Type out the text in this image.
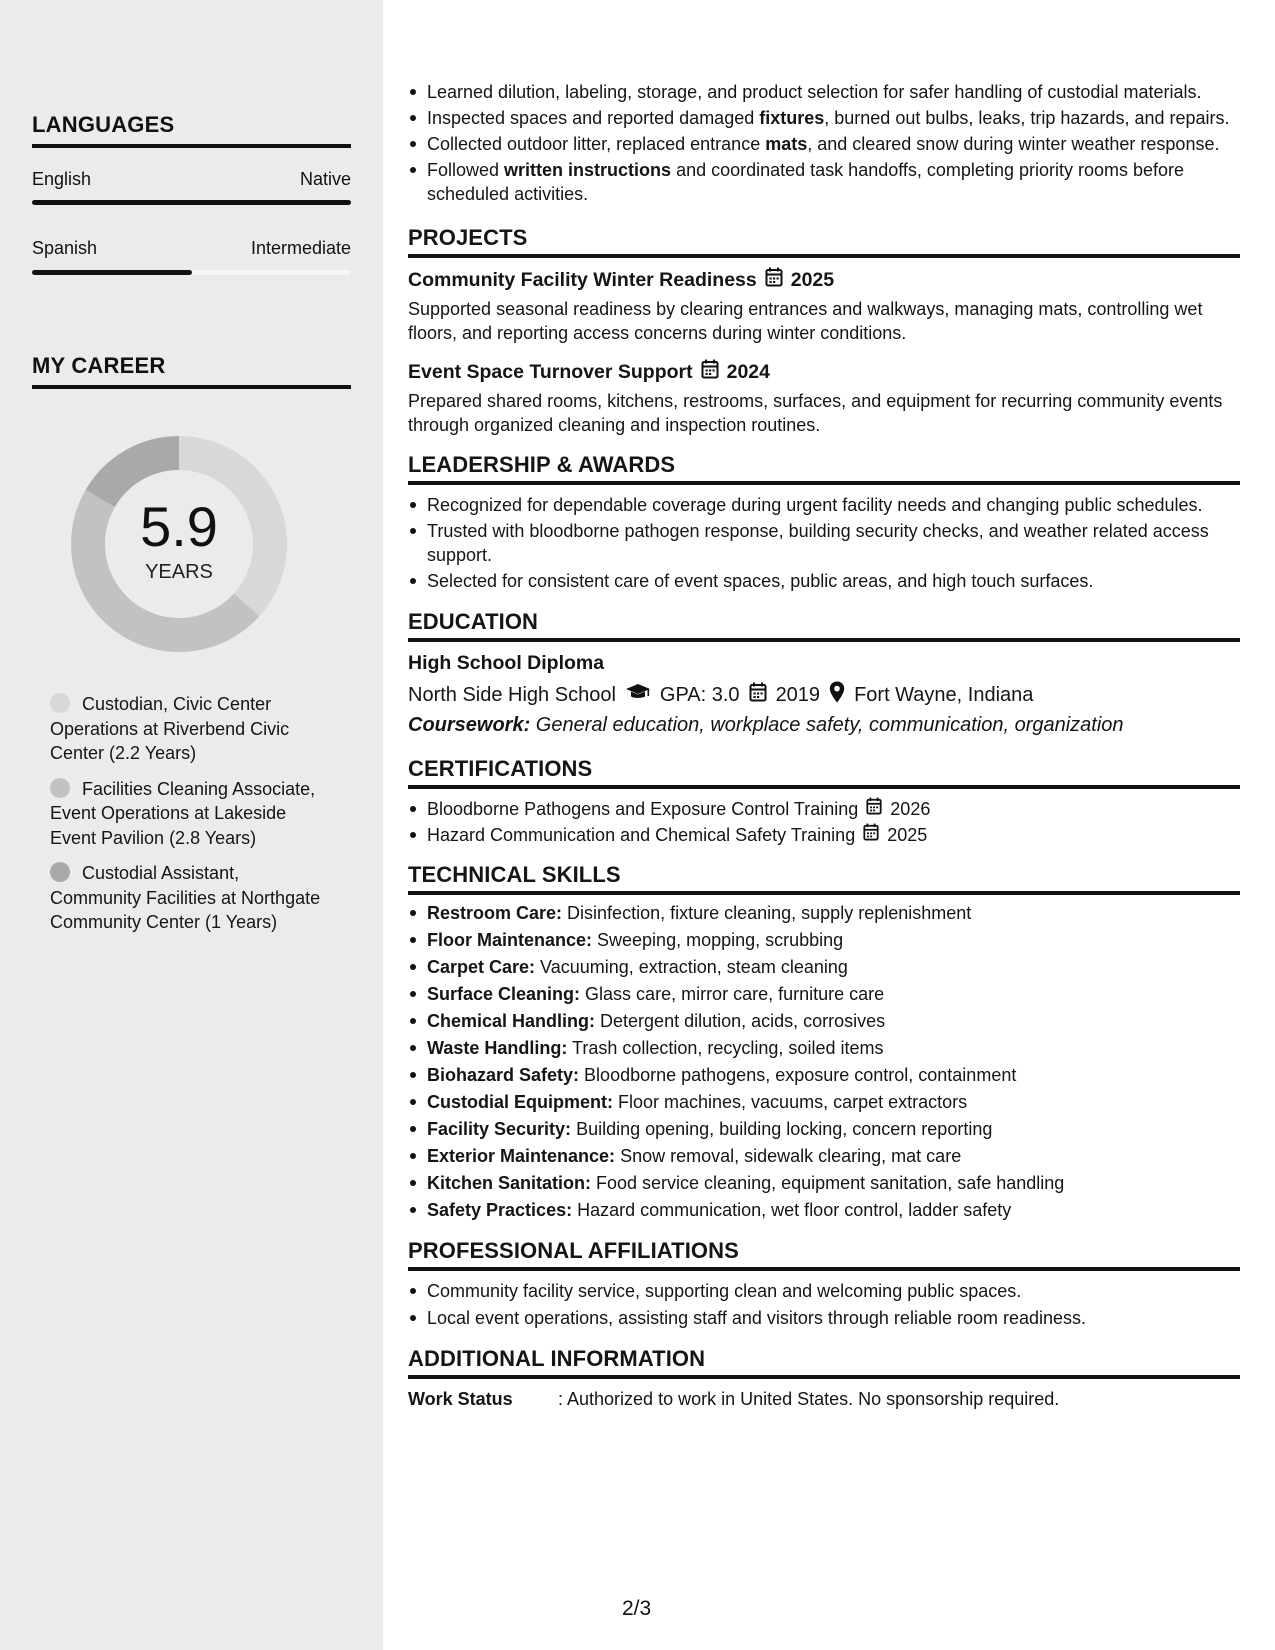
LANGUAGES
English	Native
Spanish	Intermediate
MY CAREER
5.9
YEARS
Custodian, Civic Center Operations at Riverbend Civic Center (2.2 Years)
Facilities Cleaning Associate, Event Operations at Lakeside Event Pavilion (2.8 Years)
Custodial Assistant, Community Facilities at Northgate Community Center (1 Years)
Learned dilution, labeling, storage, and product selection for safer handling of custodial materials.
Inspected spaces and reported damaged fixtures, burned out bulbs, leaks, trip hazards, and repairs.
Collected outdoor litter, replaced entrance mats, and cleared snow during winter weather response.
Followed written instructions and coordinated task handoffs, completing priority rooms before scheduled activities.
PROJECTS
Community Facility Winter Readiness 2025
Supported seasonal readiness by clearing entrances and walkways, managing mats, controlling wet floors, and reporting access concerns during winter conditions.
Event Space Turnover Support 2024
Prepared shared rooms, kitchens, restrooms, surfaces, and equipment for recurring community events through organized cleaning and inspection routines.
LEADERSHIP & AWARDS
Recognized for dependable coverage during urgent facility needs and changing public schedules.
Trusted with bloodborne pathogen response, building security checks, and weather related access support.
Selected for consistent care of event spaces, public areas, and high touch surfaces.
EDUCATION
High School Diploma
North Side High School GPA: 3.0 2019 Fort Wayne, Indiana
Coursework: General education, workplace safety, communication, organization
CERTIFICATIONS
Bloodborne Pathogens and Exposure Control Training 2026
Hazard Communication and Chemical Safety Training 2025
TECHNICAL SKILLS
Restroom Care: Disinfection, fixture cleaning, supply replenishment
Floor Maintenance: Sweeping, mopping, scrubbing
Carpet Care: Vacuuming, extraction, steam cleaning
Surface Cleaning: Glass care, mirror care, furniture care
Chemical Handling: Detergent dilution, acids, corrosives
Waste Handling: Trash collection, recycling, soiled items
Biohazard Safety: Bloodborne pathogens, exposure control, containment
Custodial Equipment: Floor machines, vacuums, carpet extractors
Facility Security: Building opening, building locking, concern reporting
Exterior Maintenance: Snow removal, sidewalk clearing, mat care
Kitchen Sanitation: Food service cleaning, equipment sanitation, safe handling
Safety Practices: Hazard communication, wet floor control, ladder safety
PROFESSIONAL AFFILIATIONS
Community facility service, supporting clean and welcoming public spaces.
Local event operations, assisting staff and visitors through reliable room readiness.
ADDITIONAL INFORMATION
Work Status	: Authorized to work in United States. No sponsorship required.
2/3
